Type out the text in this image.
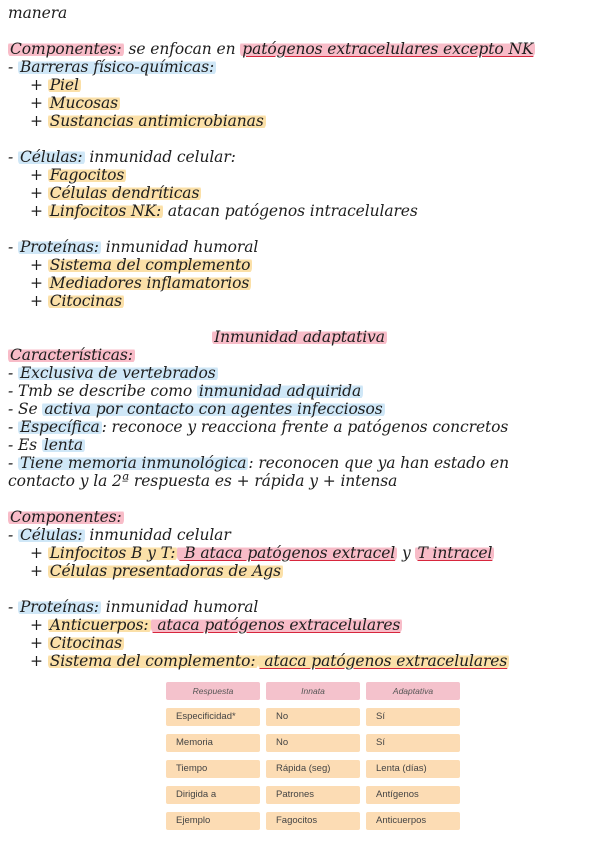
manera
Componentes: se enfocan en patógenos extracelulares excepto NK
- Barreras físico-químicas:
+ Piel
+ Mucosas
+ Sustancias antimicrobianas
- Células: inmunidad celular:
+ Fagocitos
+ Células dendríticas
+ Linfocitos NK: atacan patógenos intracelulares
- Proteínas: inmunidad humoral
+ Sistema del complemento
+ Mediadores inflamatorios
+ Citocinas
Inmunidad adaptativa
Características:
- Exclusiva de vertebrados
- Tmb se describe como inmunidad adquirida
- Se activa por contacto con agentes infecciosos
- Específica : reconoce y reacciona frente a patógenos concretos
- Es lenta
- Tiene memoria inmunológica : reconocen que ya han estado en
contacto y la 2ª respuesta es + rápida y + intensa
Componentes:
- Células: inmunidad celular
+ Linfocitos B y T: B ataca patógenos extracel y T intracel
+ Células presentadoras de Ags
- Proteínas: inmunidad humoral
+ Anticuerpos: ataca patógenos extracelulares
+ Citocinas
+ Sistema del complemento: ataca patógenos extracelulares
Respuesta	Innata	Adaptativa
Especificidad*	No	Sí
Memoria	No	Sí
Tiempo	Rápida (seg)	Lenta (días)
Dirigida a	Patrones	Antígenos
Ejemplo	Fagocitos	Anticuerpos
